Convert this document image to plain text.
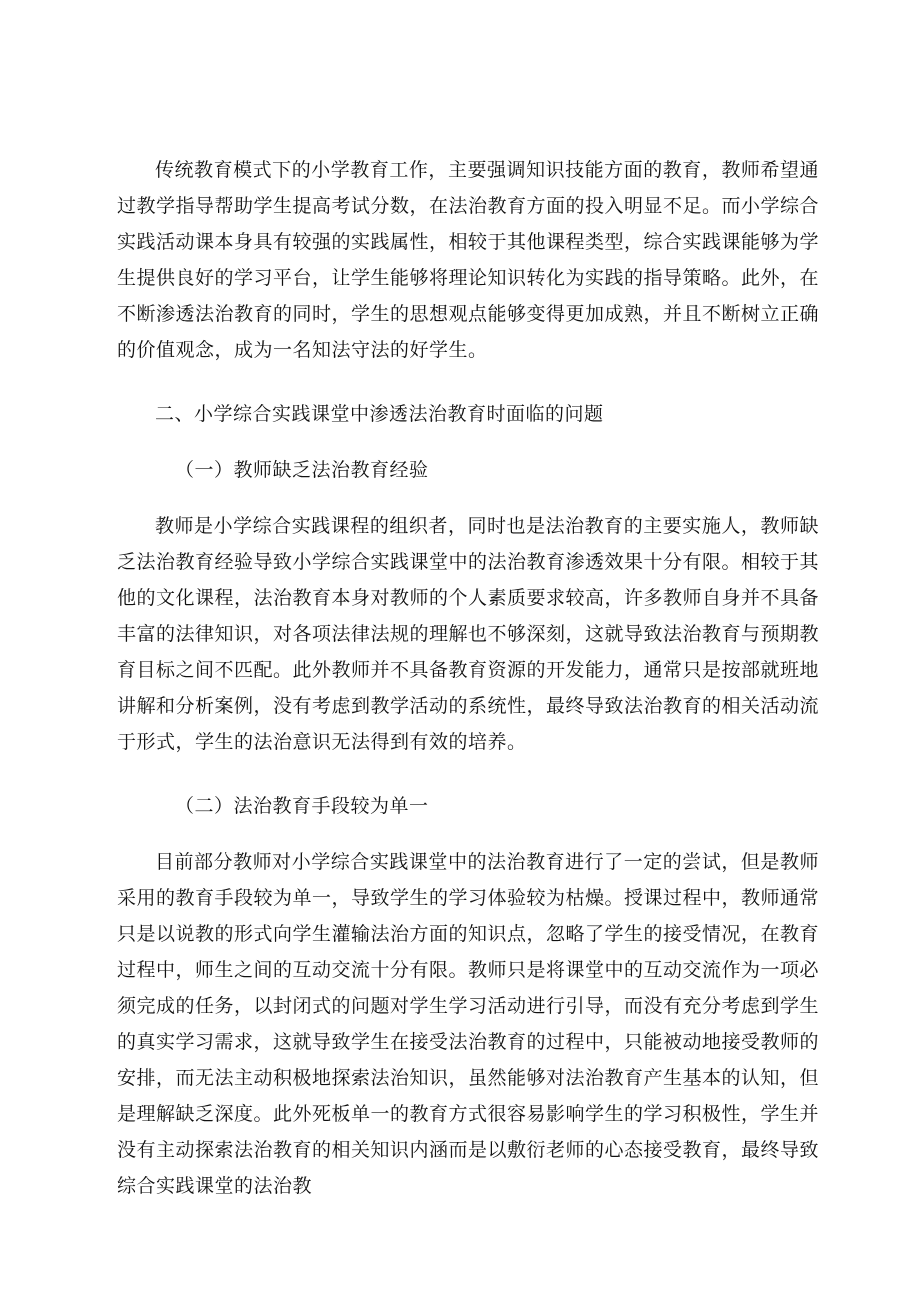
传统教育模式下的小学教育工作，主要强调知识技能方面的教育，教师希望通过教学指导帮助学生提高考试分数，在法治教育方面的投入明显不足。而小学综合实践活动课本身具有较强的实践属性，相较于其他课程类型，综合实践课能够为学生提供良好的学习平台，让学生能够将理论知识转化为实践的指导策略。此外，在不断渗透法治教育的同时，学生的思想观点能够变得更加成熟，并且不断树立正确的价值观念，成为一名知法守法的好学生。

二、小学综合实践课堂中渗透法治教育时面临的问题

（一）教师缺乏法治教育经验

教师是小学综合实践课程的组织者，同时也是法治教育的主要实施人，教师缺乏法治教育经验导致小学综合实践课堂中的法治教育渗透效果十分有限。相较于其他的文化课程，法治教育本身对教师的个人素质要求较高，许多教师自身并不具备丰富的法律知识，对各项法律法规的理解也不够深刻，这就导致法治教育与预期教育目标之间不匹配。此外教师并不具备教育资源的开发能力，通常只是按部就班地讲解和分析案例，没有考虑到教学活动的系统性，最终导致法治教育的相关活动流于形式，学生的法治意识无法得到有效的培养。

（二）法治教育手段较为单一

目前部分教师对小学综合实践课堂中的法治教育进行了一定的尝试，但是教师采用的教育手段较为单一，导致学生的学习体验较为枯燥。授课过程中，教师通常只是以说教的形式向学生灌输法治方面的知识点，忽略了学生的接受情况，在教育过程中，师生之间的互动交流十分有限。教师只是将课堂中的互动交流作为一项必须完成的任务，以封闭式的问题对学生学习活动进行引导，而没有充分考虑到学生的真实学习需求，这就导致学生在接受法治教育的过程中，只能被动地接受教师的安排，而无法主动积极地探索法治知识，虽然能够对法治教育产生基本的认知，但是理解缺乏深度。此外死板单一的教育方式很容易影响学生的学习积极性，学生并没有主动探索法治教育的相关知识内涵而是以敷衍老师的心态接受教育，最终导致综合实践课堂的法治教
